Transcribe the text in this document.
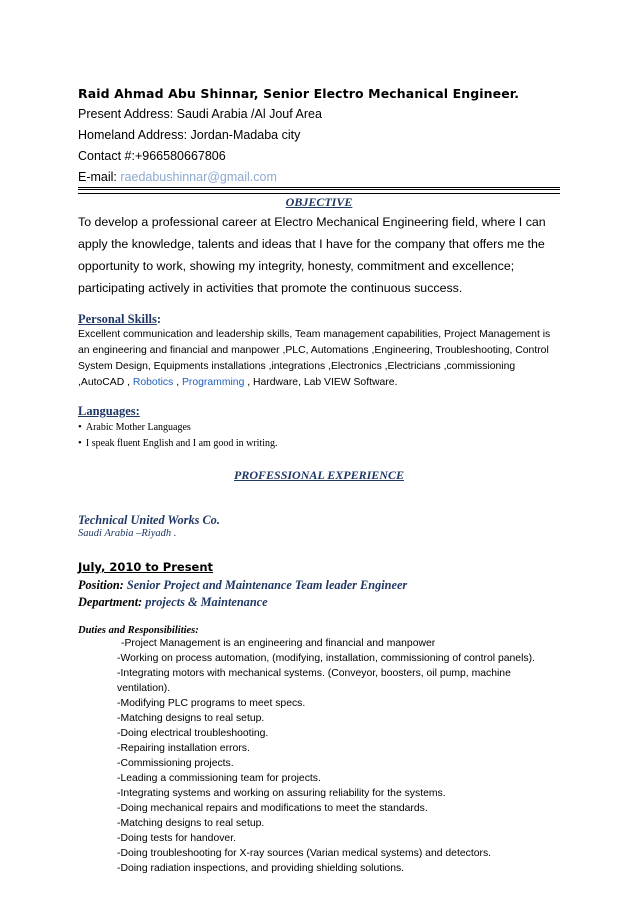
Raid Ahmad Abu Shinnar, Senior Electro Mechanical Engineer.
Present Address: Saudi Arabia /Al Jouf Area
Homeland Address: Jordan-Madaba city
Contact #:+966580667806
E-mail: raedabushinnar@gmail.com
OBJECTIVE
To develop a professional career at Electro Mechanical Engineering field, where I can apply the knowledge, talents and ideas that I have for the company that offers me the opportunity to work, showing my integrity, honesty, commitment and excellence; participating actively in activities that promote the continuous success.
Personal Skills:
Excellent communication and leadership skills, Team management capabilities, Project Management is an engineering and financial and manpower ,PLC, Automations ,Engineering, Troubleshooting, Control System Design, Equipments installations ,integrations ,Electronics ,Electricians ,commissioning ,AutoCAD , Robotics , Programming , Hardware, Lab VIEW Software.
Languages:
• Arabic Mother Languages
• I speak fluent English and I am good in writing.
PROFESSIONAL EXPERIENCE
Technical United Works Co.
Saudi Arabia –Riyadh .
July, 2010 to Present
Position: Senior Project and Maintenance Team leader Engineer
Department: projects & Maintenance
Duties and Responsibilities:
-Project Management is an engineering and financial and manpower
-Working on process automation, (modifying, installation, commissioning of control panels).
-Integrating motors with mechanical systems. (Conveyor, boosters, oil pump, machine ventilation).
-Modifying PLC programs to meet specs.
-Matching designs to real setup.
-Doing electrical troubleshooting.
-Repairing installation errors.
-Commissioning projects.
-Leading a commissioning team for projects.
-Integrating systems and working on assuring reliability for the systems.
-Doing mechanical repairs and modifications to meet the standards.
-Matching designs to real setup.
-Doing tests for handover.
-Doing troubleshooting for X-ray sources (Varian medical systems) and detectors.
-Doing radiation inspections, and providing shielding solutions.
